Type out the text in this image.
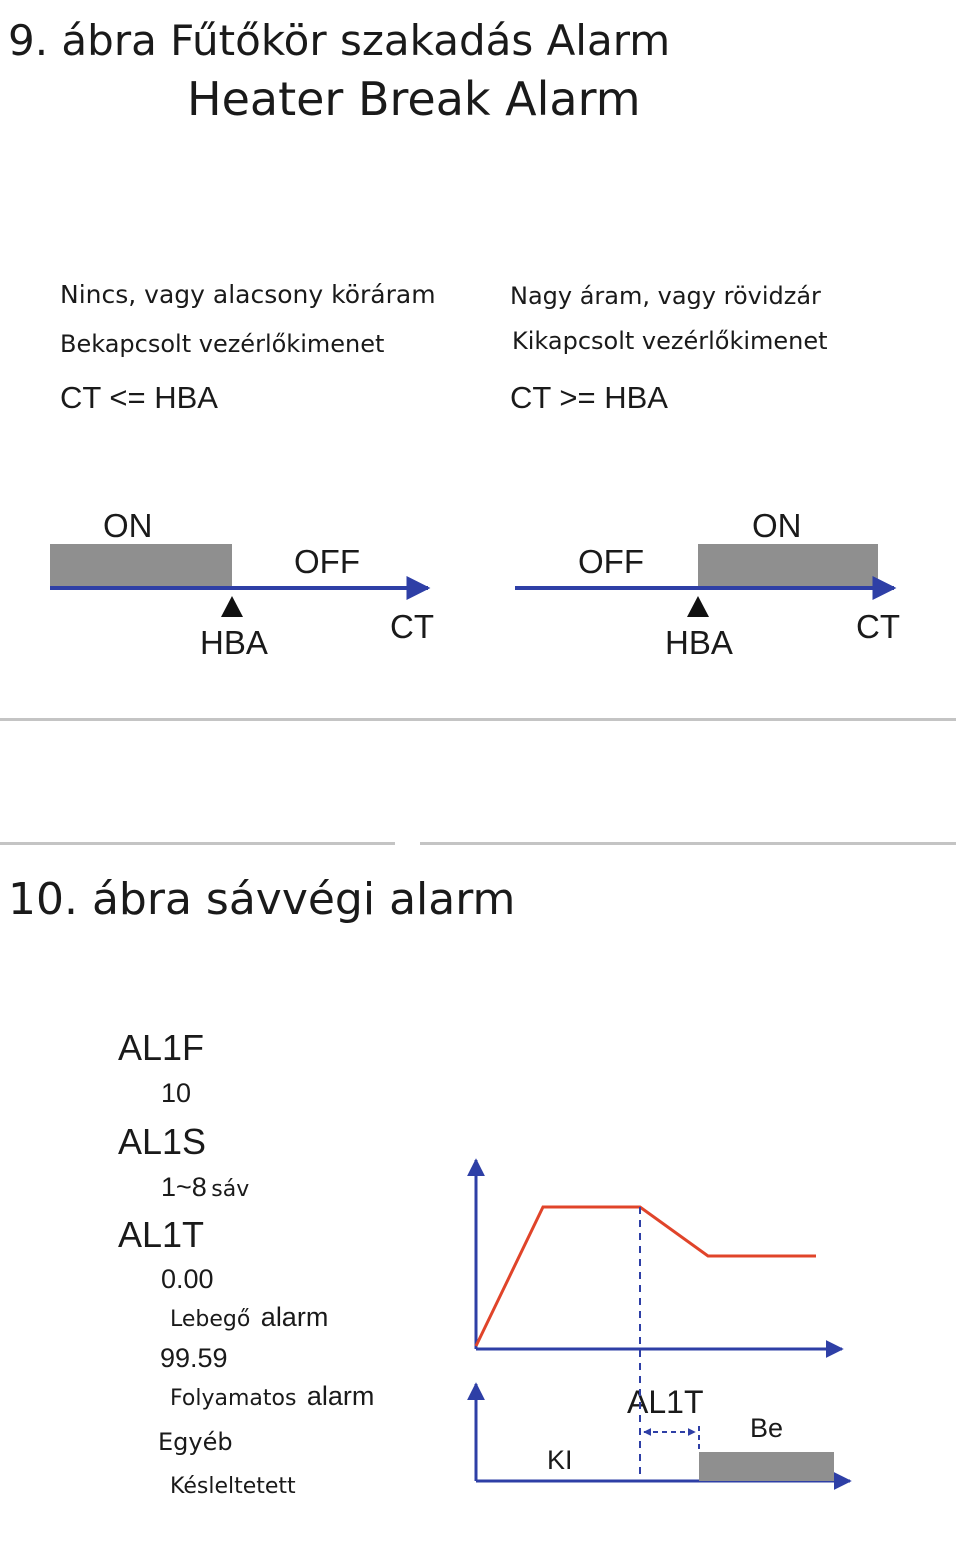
9. ábra Fűtőkör szakadás Alarm
Heater Break Alarm
Nincs, vagy alacsony köráram
Bekapcsolt vezérlőkimenet
CT <= HBA
Nagy áram, vagy rövidzár
Kikapcsolt vezérlőkimenet
CT >= HBA
ON
OFF
HBA	CT
ON
OFF
HBA	CT
10. ábra sávvégi alarm
AL1F
10
AL1S
1~8 sáv
AL1T
0.00
Lebegő alarm
99.59
Folyamatos alarm
Egyéb
Késleltetett
AL1T
KI
Be
